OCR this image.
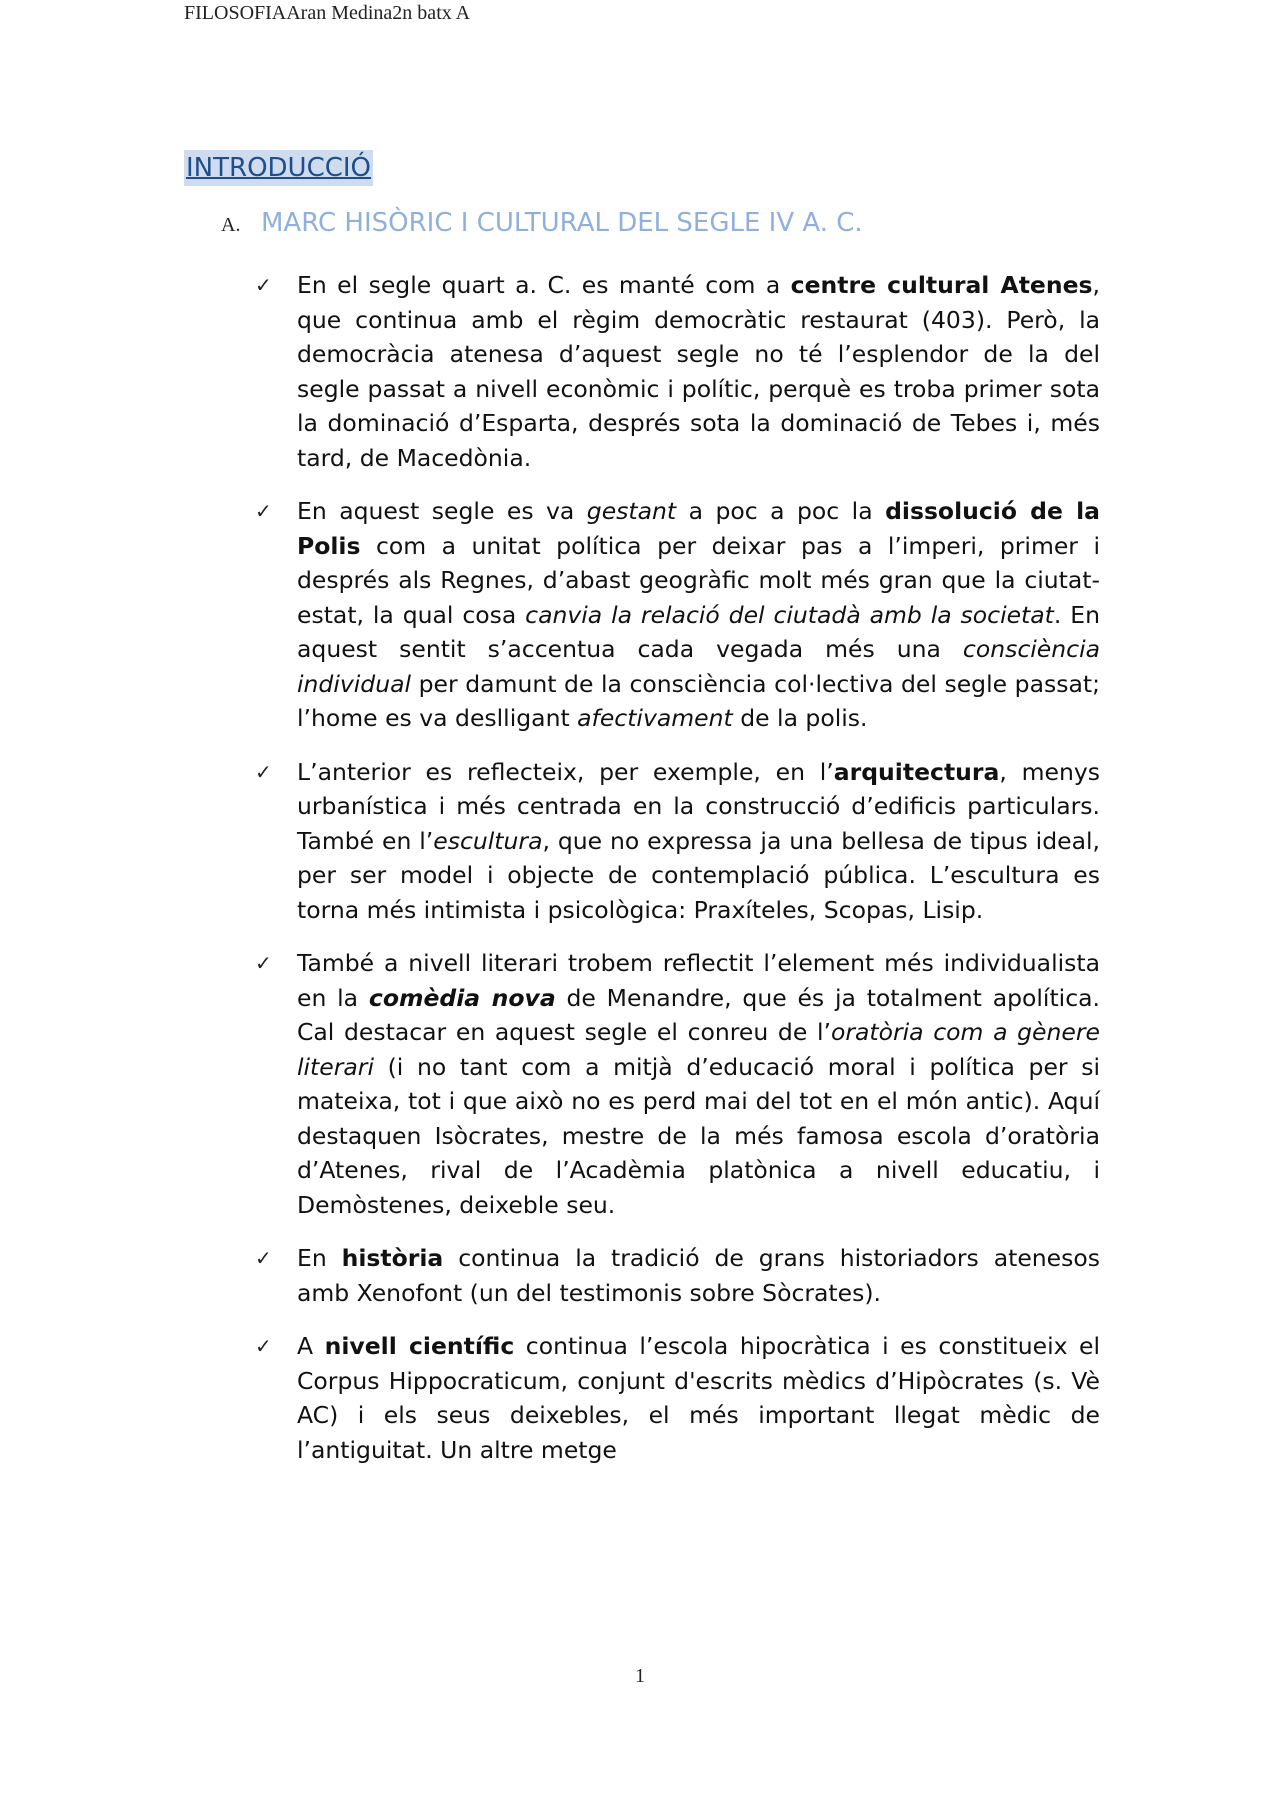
FILOSOFIAAran Medina2n batx A
INTRODUCCIÓ
A. MARC HISÒRIC I CULTURAL DEL SEGLE IV A. C.
✓ En el segle quart a. C. es manté com a centre cultural Atenes, que continua amb el règim democràtic restaurat (403). Però, la democràcia atenesa d’aquest segle no té l’esplendor de la del segle passat a nivell econòmic i polític, perquè es troba primer sota la dominació d’Esparta, després sota la dominació de Tebes i, més tard, de Macedònia.

✓ En aquest segle es va gestant a poc a poc la dissolució de la Polis com a unitat política per deixar pas a l’imperi, primer i després als Regnes, d’abast geogràfic molt més gran que la ciutat-estat, la qual cosa canvia la relació del ciutadà amb la societat. En aquest sentit s’accentua cada vegada més una consciència individual per damunt de la consciència col·lectiva del segle passat; l’home es va deslligant afectivament de la polis.

✓ L’anterior es reflecteix, per exemple, en l’arquitectura, menys urbanística i més centrada en la construcció d’edificis particulars. També en l’escultura, que no expressa ja una bellesa de tipus ideal, per ser model i objecte de contemplació pública. L’escultura es torna més intimista i psicològica: Praxíteles, Scopas, Lisip.

✓ També a nivell literari trobem reflectit l’element més individualista en la comèdia nova de Menandre, que és ja totalment apolítica. Cal destacar en aquest segle el conreu de l’oratòria com a gènere literari (i no tant com a mitjà d’educació moral i política per si mateixa, tot i que això no es perd mai del tot en el món antic). Aquí destaquen Isòcrates, mestre de la més famosa escola d’oratòria d’Atenes, rival de l’Acadèmia platònica a nivell educatiu, i Demòstenes, deixeble seu.

✓ En història continua la tradició de grans historiadors atenesos amb Xenofont (un del testimonis sobre Sòcrates).

✓ A nivell científic continua l’escola hipocràtica i es constitueix el Corpus Hippocraticum, conjunt d'escrits mèdics d’Hipòcrates (s. Vè AC) i els seus deixebles, el més important llegat mèdic de l’antiguitat. Un altre metge

1
